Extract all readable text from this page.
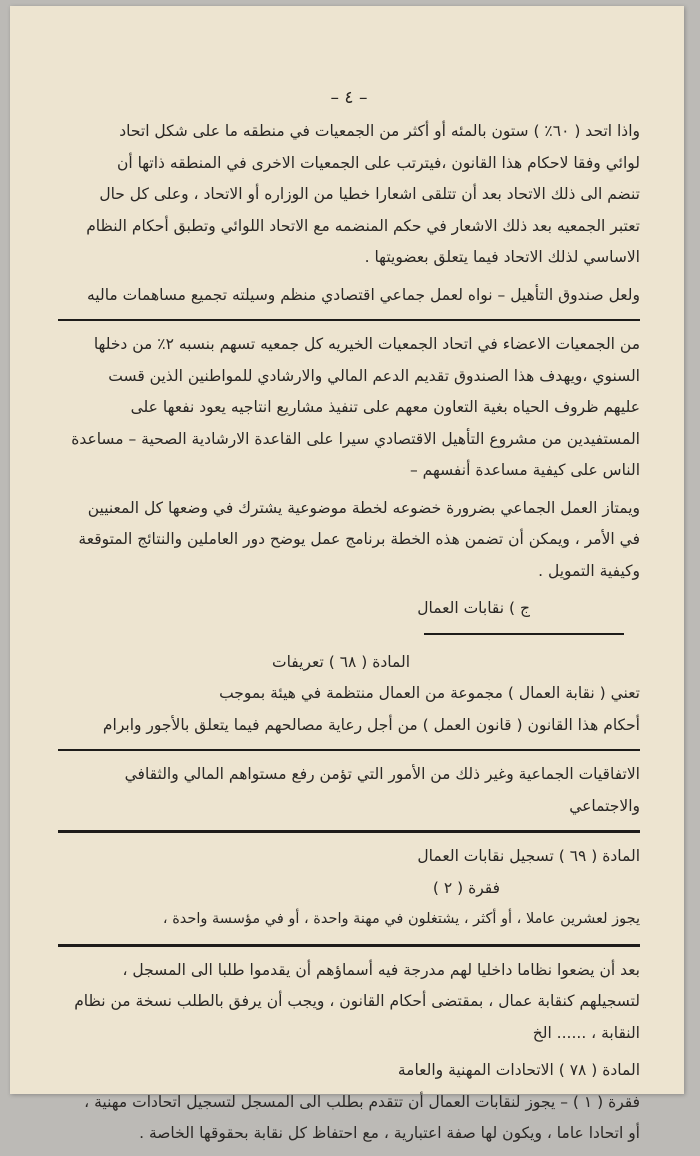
– ٤ –

واذا اتحد ( ٦٠٪ ) ستون بالمئه أو أكثر من الجمعيات في منطقه ما على شكل اتحاد

لوائي وفقا لاحكام هذا القانون ،فيترتب على الجمعيات الاخرى في المنطقه ذاتها أن

تنضم الى ذلك الاتحاد بعد أن تتلقى اشعارا خطيا من الوزاره أو الاتحاد ، وعلى كل حال

تعتبر الجمعيه بعد ذلك الاشعار في حكم المنضمه مع الاتحاد اللوائي وتطبق أحكام النظام

الاساسي لذلك الاتحاد فيما يتعلق بعضويتها .

ولعل صندوق التأهيل – نواه لعمل جماعي اقتصادي منظم وسيلته تجميع مساهمات ماليه

من الجمعيات الاعضاء في اتحاد الجمعيات الخيريه كل جمعيه تسهم بنسبه ٢٪ من دخلها

السنوي ،ويهدف هذا الصندوق تقديم الدعم المالي والارشادي للمواطنين الذين قست

عليهم ظروف الحياه بغية التعاون معهم على تنفيذ مشاريع انتاجيه يعود نفعها على

المستفيدين من مشروع التأهيل الاقتصادي سيرا على القاعدة الارشادية الصحية – مساعدة

الناس على كيفية مساعدة أنفسهم –

ويمتاز العمل الجماعي بضرورة خضوعه لخطة موضوعية يشترك في وضعها كل المعنيين

في الأمر ، ويمكن أن تضمن هذه الخطة برنامج عمل يوضح دور العاملين والنتائج المتوقعة

وكيفية التمويل .

ج ) نقابات العمال

المادة ( ٦٨ ) تعريفات

تعني ( نقابة العمال ) مجموعة من العمال منتظمة في هيئة بموجب

أحكام هذا القانون ( قانون العمل ) من أجل رعاية مصالحهم فيما يتعلق بالأجور وابرام

الاتفاقيات الجماعية وغير ذلك من الأمور التي تؤمن رفع مستواهم المالي والثقافي

والاجتماعي

المادة ( ٦٩ ) تسجيل نقابات العمال

فقرة ( ٢ )

يجوز لعشرين عاملا ، أو أكثر ، يشتغلون في مهنة واحدة ، أو في مؤسسة واحدة ،

بعد أن يضعوا نظاما داخليا لهم مدرجة فيه أسماؤهم أن يقدموا طلبا الى المسجل ،

لتسجيلهم كنقابة عمال ، بمقتضى أحكام القانون ، ويجب أن يرفق بالطلب نسخة من نظام

النقابة ، ...... الخ

المادة ( ٧٨ ) الاتحادات المهنية والعامة

فقرة ( ١ ) – يجوز لنقابات العمال أن تتقدم بطلب الى المسجل لتسجيل اتحادات مهنية ،

أو اتحادا عاما ، ويكون لها صفة اعتبارية ، مع احتفاظ كل نقابة بحقوقها الخاصة .
